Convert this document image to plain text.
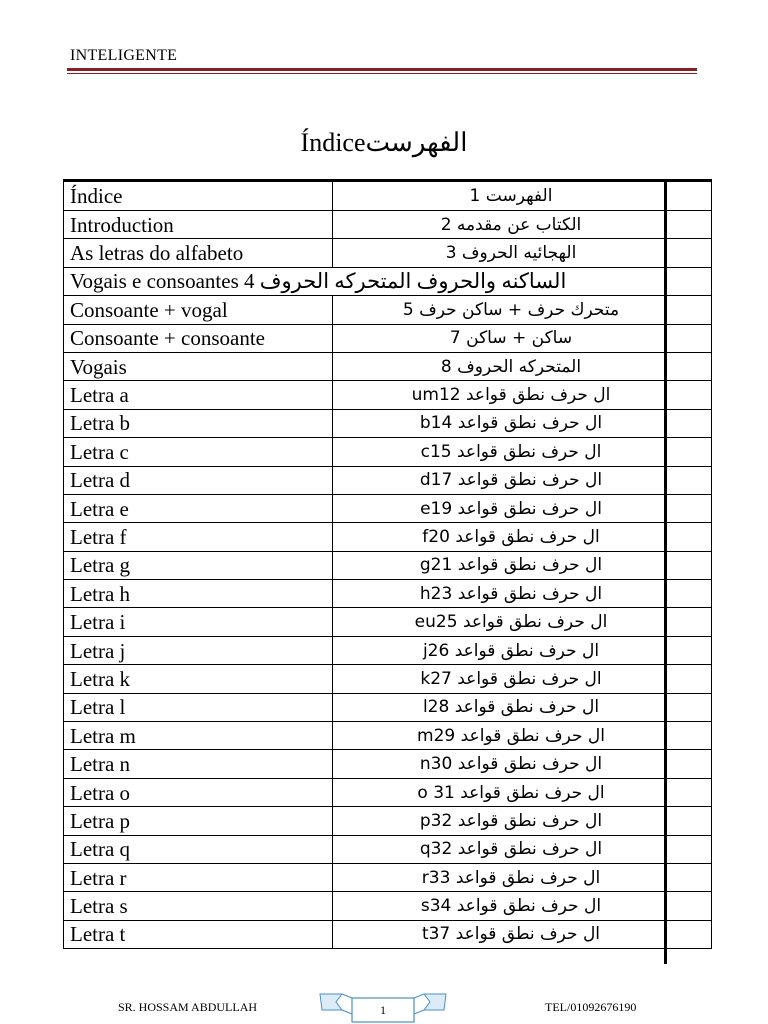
INTELIGENTE
Índiceالفهرست
Índice	الفهرست 1
Introduction	الكتاب عن مقدمه 2
As letras do alfabeto	الهجائيه الحروف 3
Vogais e consoantes 4 الساكنه والحروف المتحركه الحروف	
Consoante + vogal	متحرك حرف + ساكن حرف 5
Consoante + consoante	ساكن + ساكن 7
Vogais	المتحركه الحروف 8
Letra a	ال حرف نطق قواعد um12
Letra b	ال حرف نطق قواعد b14
Letra c	ال حرف نطق قواعد c15
Letra d	ال حرف نطق قواعد d17
Letra e	ال حرف نطق قواعد e19
Letra f	ال حرف نطق قواعد f20
Letra g	ال حرف نطق قواعد g21
Letra h	ال حرف نطق قواعد h23
Letra i	ال حرف نطق قواعد eu25
Letra j	ال حرف نطق قواعد j26
Letra k	ال حرف نطق قواعد k27
Letra l	ال حرف نطق قواعد l28
Letra m	ال حرف نطق قواعد m29
Letra n	ال حرف نطق قواعد n30
Letra o	ال حرف نطق قواعد o 31
Letra p	ال حرف نطق قواعد p32
Letra q	ال حرف نطق قواعد q32
Letra r	ال حرف نطق قواعد r33
Letra s	ال حرف نطق قواعد s34
Letra t	ال حرف نطق قواعد t37
SR. HOSSAM ABDULLAH	1	TEL/01092676190
